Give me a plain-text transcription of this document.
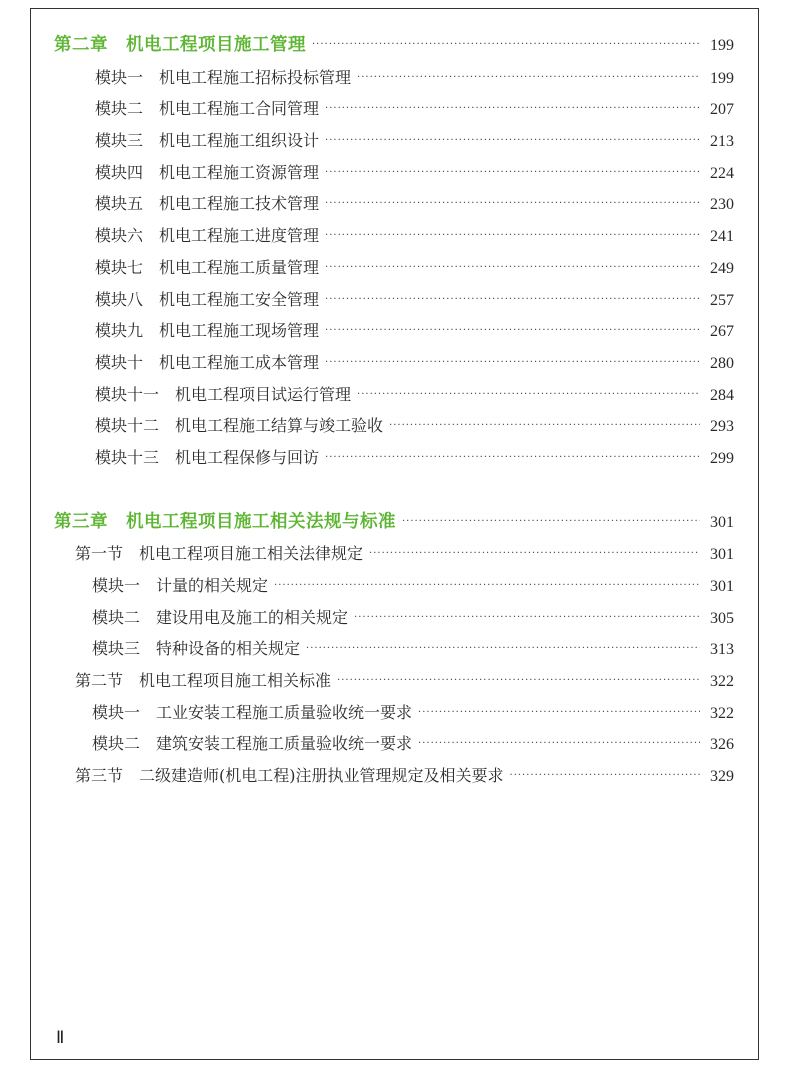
第二章　机电工程项目施工管理 ·····	199
模块一 机电工程施工招标投标管理 ·····	199
模块二 机电工程施工合同管理 ·····	207
模块三 机电工程施工组织设计 ·····	213
模块四 机电工程施工资源管理 ·····	224
模块五 机电工程施工技术管理 ·····	230
模块六 机电工程施工进度管理 ·····	241
模块七 机电工程施工质量管理 ·····	249
模块八 机电工程施工安全管理 ·····	257
模块九 机电工程施工现场管理 ·····	267
模块十 机电工程施工成本管理 ·····	280
模块十一 机电工程项目试运行管理 ·····	284
模块十二 机电工程施工结算与竣工验收 ·····	293
模块十三 机电工程保修与回访 ·····	299
第三章　机电工程项目施工相关法规与标准 ·····	301
第一节 机电工程项目施工相关法律规定 ·····	301
模块一 计量的相关规定 ·····	301
模块二 建设用电及施工的相关规定 ·····	305
模块三 特种设备的相关规定 ·····	313
第二节 机电工程项目施工相关标准 ·····	322
模块一 工业安装工程施工质量验收统一要求 ·····	322
模块二 建筑安装工程施工质量验收统一要求 ·····	326
第三节 二级建造师(机电工程)注册执业管理规定及相关要求 ·····	329
Ⅱ
